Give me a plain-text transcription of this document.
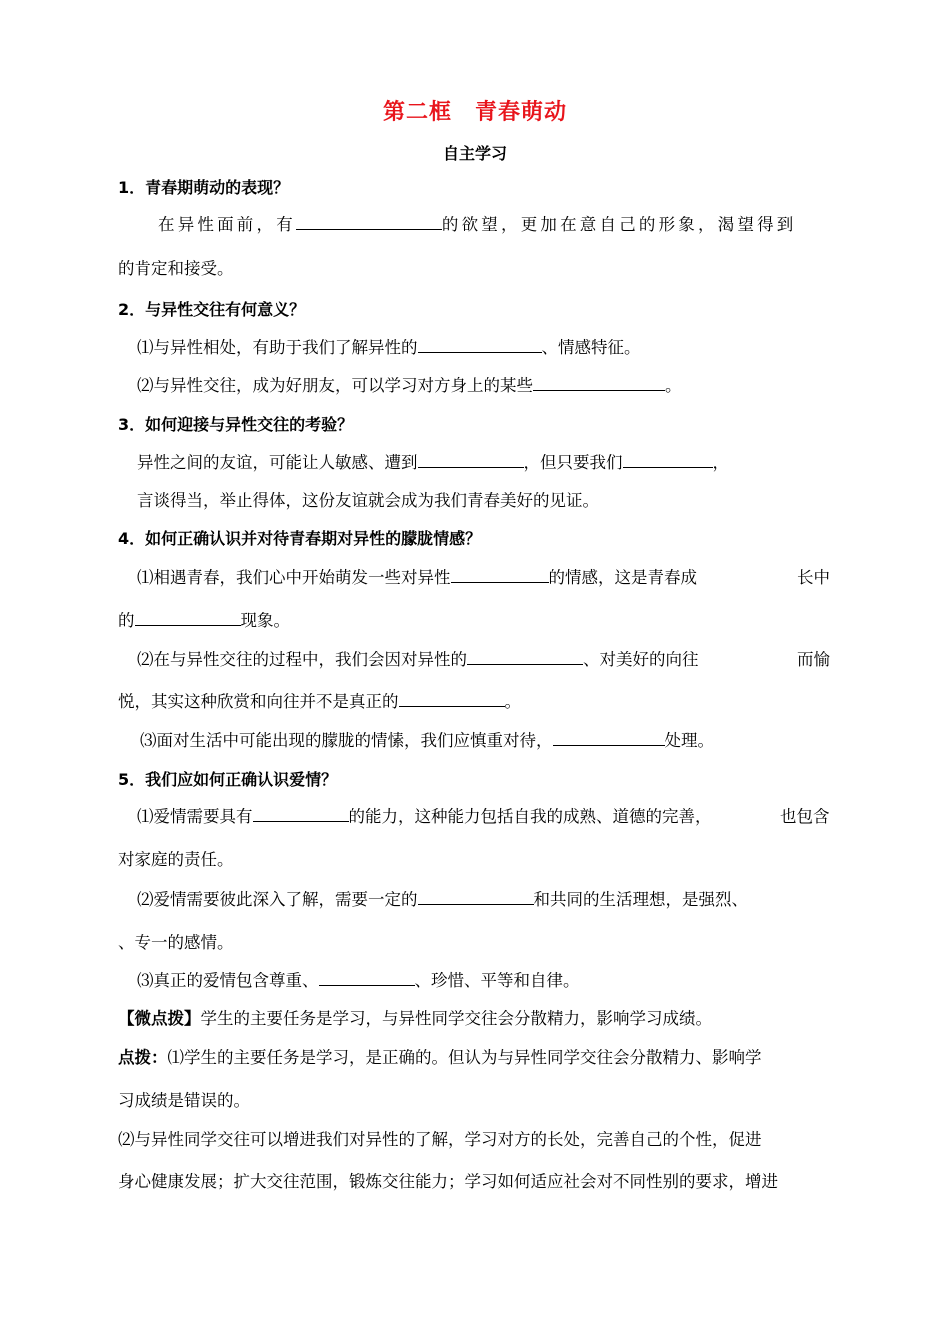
第二框　青春萌动
自主学习
1．青春期萌动的表现？
在异性面前，有	的欲望，更加在意自己的形象，渴望得到
的肯定和接受。
2．与异性交往有何意义？
⑴与异性相处，有助于我们了解异性的	、情感特征。
⑵与异性交往，成为好朋友，可以学习对方身上的某些	。
3．如何迎接与异性交往的考验？
异性之间的友谊，可能让人敏感、遭到	，但只要我们	，
言谈得当，举止得体，这份友谊就会成为我们青春美好的见证。
4．如何正确认识并对待青春期对异性的朦胧情感？
⑴相遇青春，我们心中开始萌发一些对异性	的情感，这是青春成	长中
的	现象。
⑵在与异性交往的过程中，我们会因对异性的	、对美好的向往	而愉
悦，其实这种欣赏和向往并不是真正的	。
⑶面对生活中可能出现的朦胧的情愫，我们应慎重对待，	处理。
5．我们应如何正确认识爱情？
⑴爱情需要具有	的能力，这种能力包括自我的成熟、道德的完善，	也包含
对家庭的责任。
⑵爱情需要彼此深入了解，需要一定的	和共同的生活理想，是强烈、
、专一的感情。
⑶真正的爱情包含尊重、	、珍惜、平等和自律。
【微点拨】学生的主要任务是学习，与异性同学交往会分散精力，影响学习成绩。
点拨：⑴学生的主要任务是学习，是正确的。但认为与异性同学交往会分散精力、影响学
习成绩是错误的。
⑵与异性同学交往可以增进我们对异性的了解，学习对方的长处，完善自己的个性，促进
身心健康发展；扩大交往范围，锻炼交往能力；学习如何适应社会对不同性别的要求，增进
